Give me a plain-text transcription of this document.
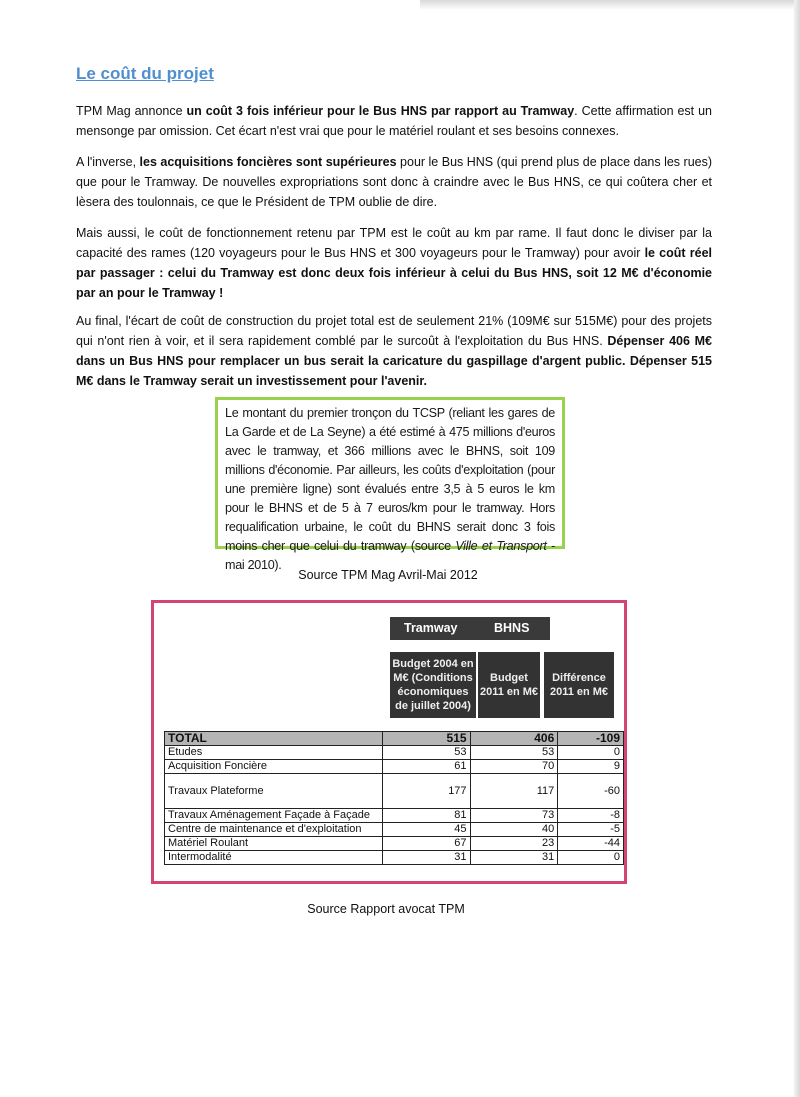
Le coût du projet
TPM Mag annonce un coût 3 fois inférieur pour le Bus HNS par rapport au Tramway. Cette affirmation est un mensonge par omission. Cet écart n'est vrai que pour le matériel roulant et ses besoins connexes.
A l'inverse, les acquisitions foncières sont supérieures pour le Bus HNS (qui prend plus de place dans les rues) que pour le Tramway. De nouvelles expropriations sont donc à craindre avec le Bus HNS, ce qui coûtera cher et lèsera des toulonnais, ce que le Président de TPM oublie de dire.
Mais aussi, le coût de fonctionnement retenu par TPM est le coût au km par rame. Il faut donc le diviser par la capacité des rames (120 voyageurs pour le Bus HNS et 300 voyageurs pour le Tramway) pour avoir le coût réel par passager : celui du Tramway est donc deux fois inférieur à celui du Bus HNS, soit 12 M€ d'économie par an pour le Tramway !
Au final, l'écart de coût de construction du projet total est de seulement 21% (109M€ sur 515M€) pour des projets qui n'ont rien à voir, et il sera rapidement comblé par le surcoût à l'exploitation du Bus HNS. Dépenser 406 M€ dans un Bus HNS pour remplacer un bus serait la caricature du gaspillage d'argent public. Dépenser 515 M€ dans le Tramway serait un investissement pour l'avenir.
Le montant du premier tronçon du TCSP (reliant les gares de La Garde et de La Seyne) a été estimé à 475 millions d'euros avec le tramway, et 366 millions avec le BHNS, soit 109 millions d'économie. Par ailleurs, les coûts d'exploitation (pour une première ligne) sont évalués entre 3,5 à 5 euros le km pour le BHNS et de 5 à 7 euros/km pour le tramway. Hors requalification urbaine, le coût du BHNS serait donc 3 fois moins cher que celui du tramway (source Ville et Transport - mai 2010).
Source TPM Mag Avril-Mai 2012
Tramway	BHNS
Budget 2004 en M€ (Conditions économiques de juillet 2004)
Budget 2011 en M€
Différence 2011 en M€
TOTAL	515	406	-109
Etudes	53	53	0
Acquisition Foncière	61	70	9
Travaux Plateforme	177	117	-60
Travaux Aménagement Façade à Façade	81	73	-8
Centre de maintenance et d'exploitation	45	40	-5
Matériel Roulant	67	23	-44
Intermodalité	31	31	0
Source Rapport avocat TPM
